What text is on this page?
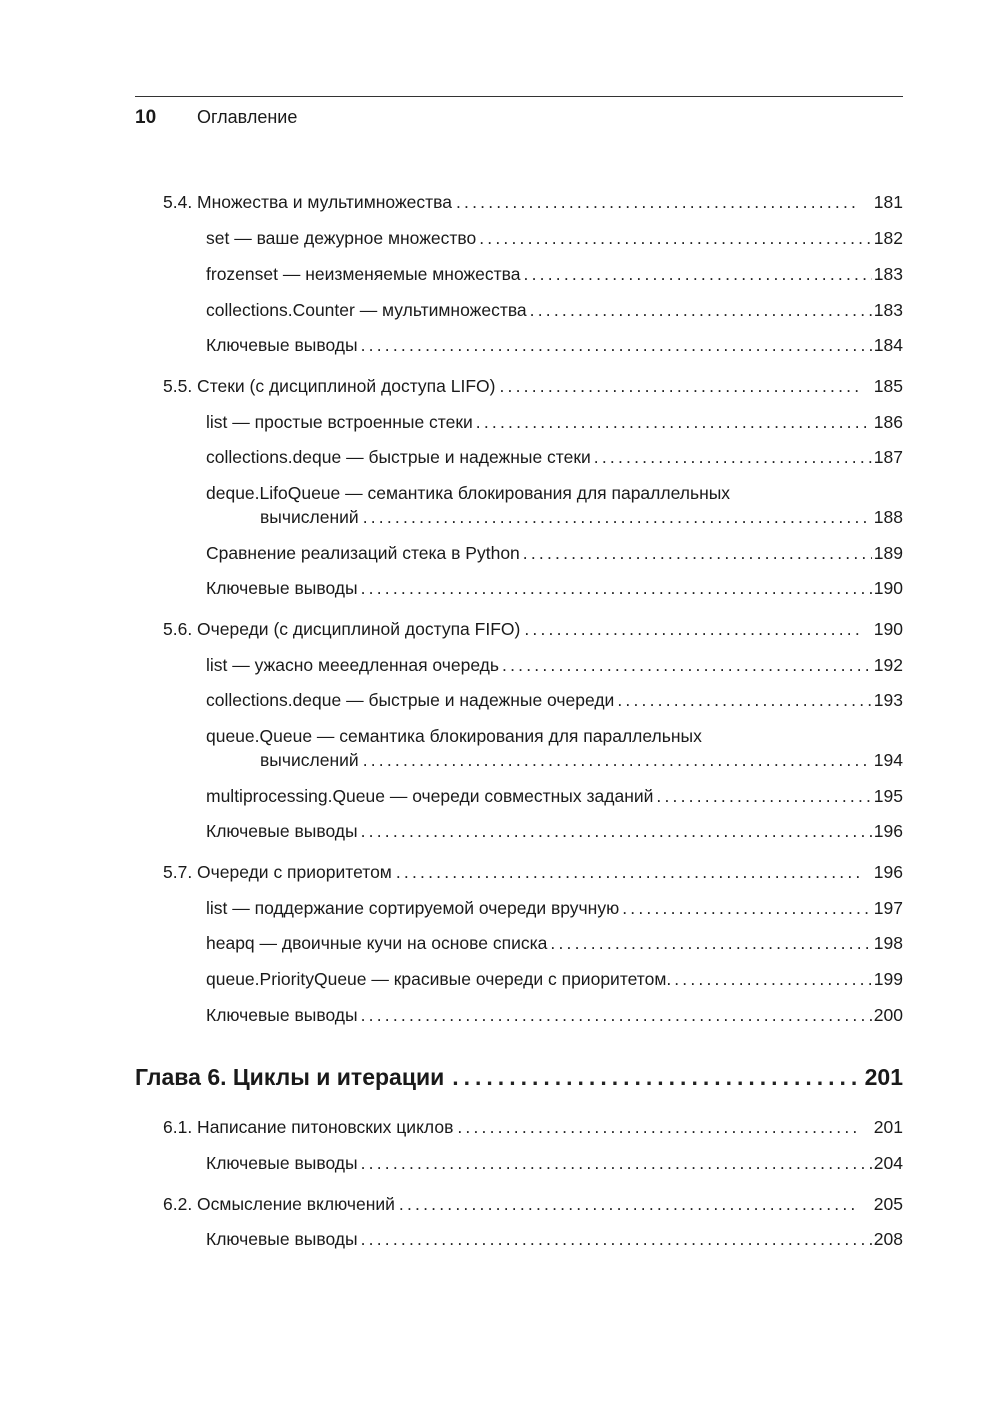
10 Оглавление
5.4. Множества и мультимножества .....	181
set — ваше дежурное множество .....	182
frozenset — неизменяемые множества .....	183
collections.Counter — мультимножества .....	183
Ключевые выводы .....	184
5.5. Стеки (с дисциплиной доступа LIFO) .....	185
list — простые встроенные стеки .....	186
collections.deque — быстрые и надежные стеки .....	187
deque.LifoQueue — семантика блокирования для параллельных
вычислений .....	188
Сравнение реализаций стека в Python .....	189
Ключевые выводы .....	190
5.6. Очереди (с дисциплиной доступа FIFO) .....	190
list — ужасно мееедленная очередь .....	192
collections.deque — быстрые и надежные очереди .....	193
queue.Queue — семантика блокирования для параллельных
вычислений .....	194
multiprocessing.Queue — очереди совместных заданий .....	195
Ключевые выводы .....	196
5.7. Очереди с приоритетом .....	196
list — поддержание сортируемой очереди вручную .....	197
heapq — двоичные кучи на основе списка .....	198
queue.PriorityQueue — красивые очереди с приоритетом. .....	199
Ключевые выводы .....	200
Глава 6. Циклы и итерации .....	201
6.1. Написание питоновских циклов .....	201
Ключевые выводы .....	204
6.2. Осмысление включений .....	205
Ключевые выводы .....	208
